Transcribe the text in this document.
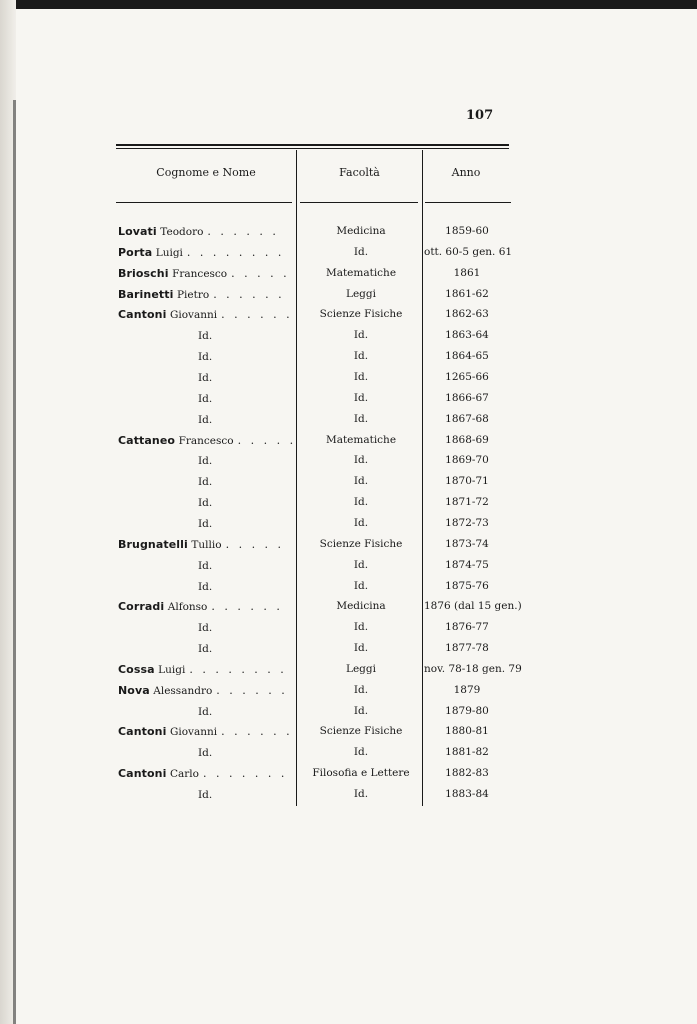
107
Cognome e Nome	Facoltà	Anno
Lovati Teodoro . . . . . .	Medicina	1859-60
Porta Luigi . . . . . . . .	Id.	ott. 60-5 gen. 61
Brioschi Francesco . . . . .	Matematiche	1861
Barinetti Pietro . . . . . .	Leggi	1861-62
Cantoni Giovanni . . . . . .	Scienze Fisiche	1862-63
Id.	Id.	1863-64
Id.	Id.	1864-65
Id.	Id.	1265-66
Id.	Id.	1866-67
Id.	Id.	1867-68
Cattaneo Francesco . . . . .	Matematiche	1868-69
Id.	Id.	1869-70
Id.	Id.	1870-71
Id.	Id.	1871-72
Id.	Id.	1872-73
Brugnatelli Tullio . . . . .	Scienze Fisiche	1873-74
Id.	Id.	1874-75
Id.	Id.	1875-76
Corradi Alfonso . . . . . .	Medicina	1876 (dal 15 gen.)
Id.	Id.	1876-77
Id.	Id.	1877-78
Cossa Luigi . . . . . . . .	Leggi	nov. 78-18 gen. 79
Nova Alessandro . . . . . .	Id.	1879
Id.	Id.	1879-80
Cantoni Giovanni . . . . . .	Scienze Fisiche	1880-81
Id.	Id.	1881-82
Cantoni Carlo . . . . . . .	Filosofia e Lettere	1882-83
Id.	Id.	1883-84
